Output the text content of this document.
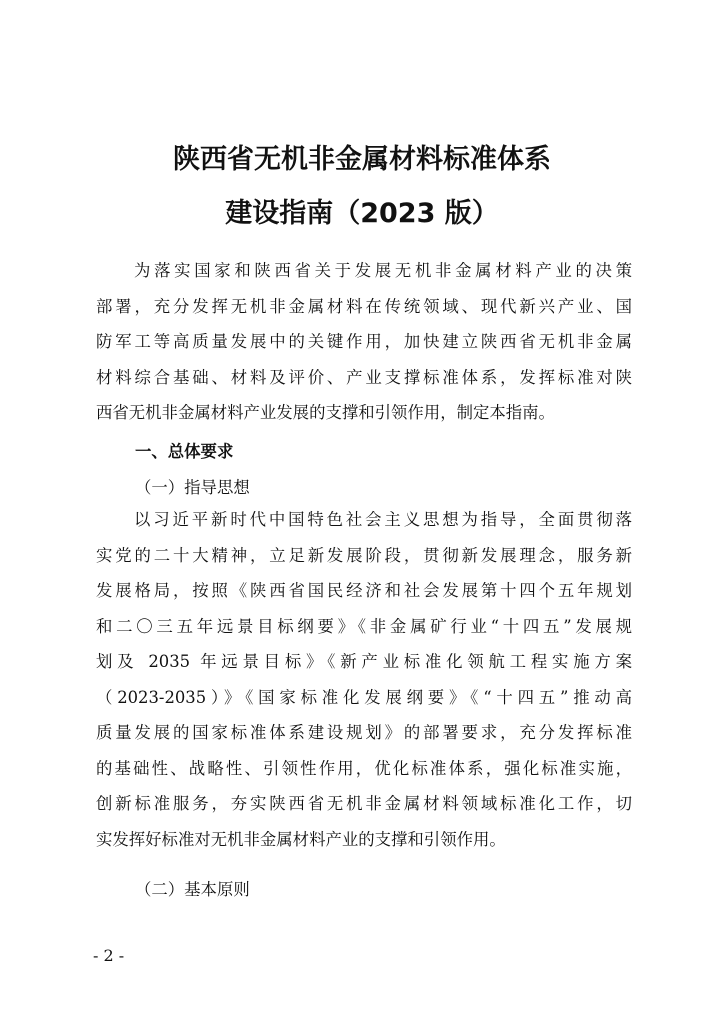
陕西省无机非金属材料标准体系
建设指南（2023 版）
为落实国家和陕西省关于发展无机非金属材料产业的决策
部署，充分发挥无机非金属材料在传统领域、现代新兴产业、国
防军工等高质量发展中的关键作用，加快建立陕西省无机非金属
材料综合基础、材料及评价、产业支撑标准体系，发挥标准对陕
西省无机非金属材料产业发展的支撑和引领作用，制定本指南。
一、总体要求
（一）指导思想
以习近平新时代中国特色社会主义思想为指导，全面贯彻落
实党的二十大精神，立足新发展阶段，贯彻新发展理念，服务新
发展格局，按照《陕西省国民经济和社会发展第十四个五年规划
和二〇三五年远景目标纲要》《非金属矿行业“十四五”发展规
划及 2035 年远景目标》《新产业标准化领航工程实施方案
（2023-2035）》《国家标准化发展纲要》《“十四五”推动高
质量发展的国家标准体系建设规划》的部署要求，充分发挥标准
的基础性、战略性、引领性作用，优化标准体系，强化标准实施，
创新标准服务，夯实陕西省无机非金属材料领域标准化工作，切
实发挥好标准对无机非金属材料产业的支撑和引领作用。
（二）基本原则
- 2 -
